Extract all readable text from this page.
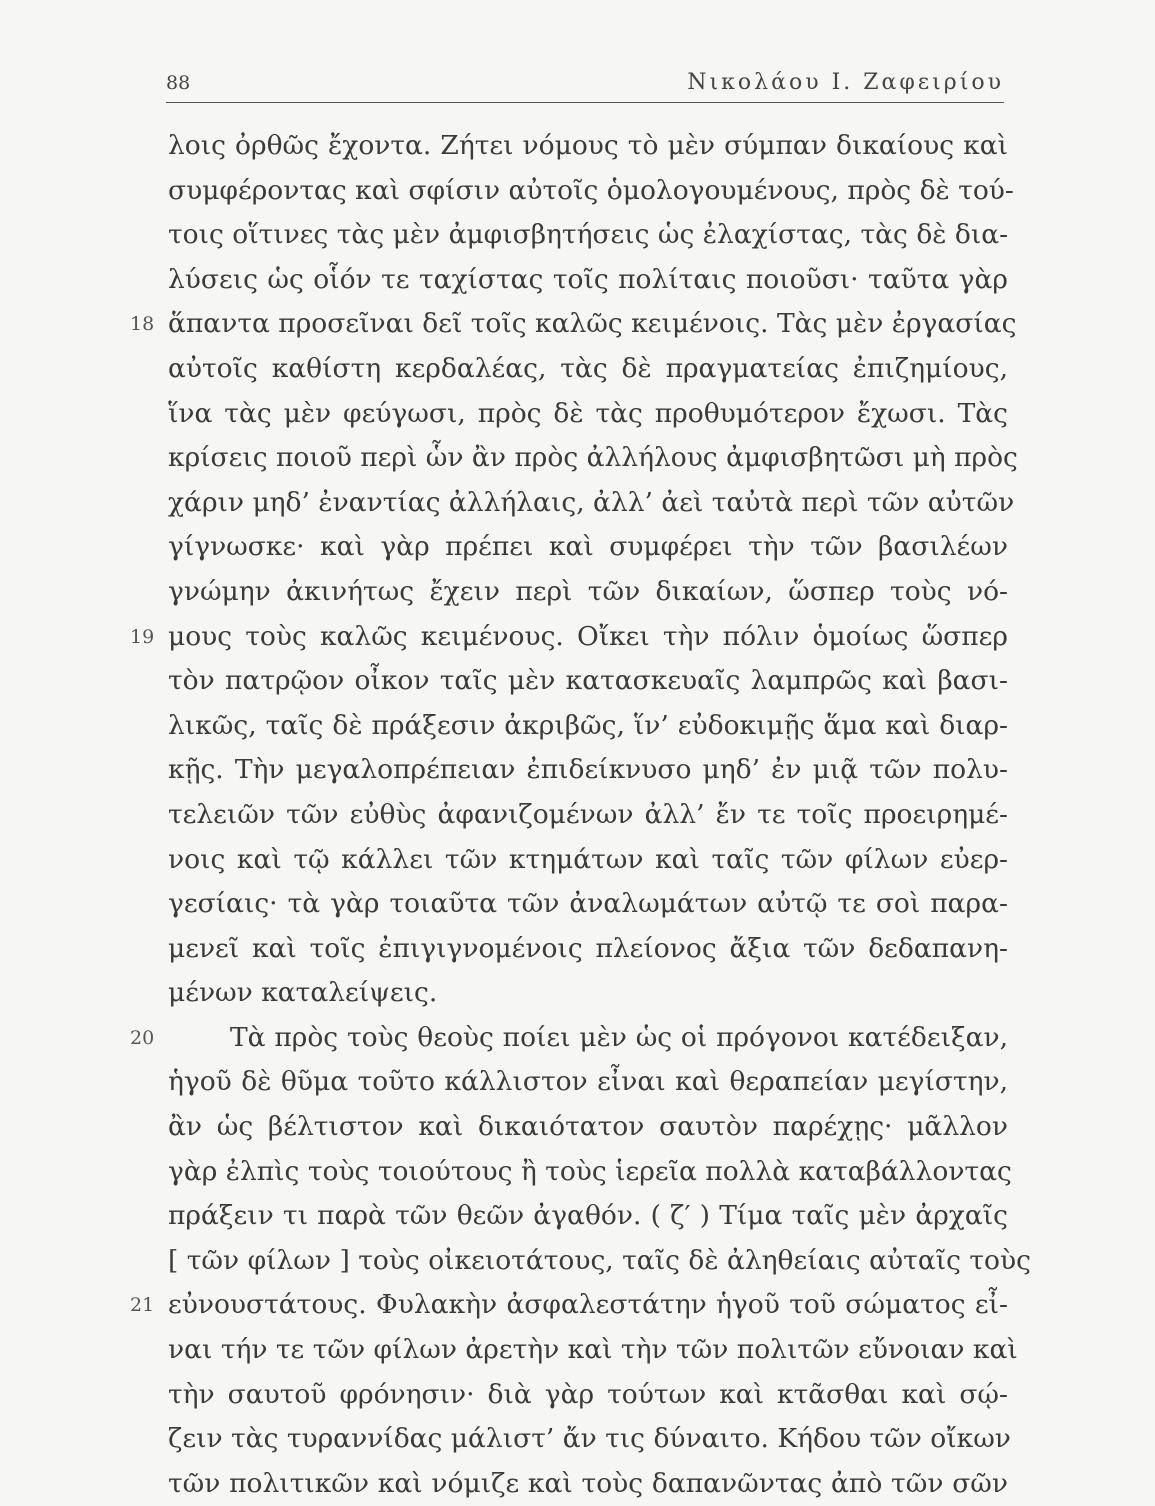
88	Νικολάου Ι. Ζαφειρίου
λοις ὀρθῶς ἔχοντα. Ζήτει νόμους τὸ μὲν σύμπαν δικαίους καὶ
συμφέροντας καὶ σφίσιν αὐτοῖς ὁμολογουμένους, πρὸς δὲ τού-
τοις οἵτινες τὰς μὲν ἀμφισβητήσεις ὡς ἐλαχίστας, τὰς δὲ δια-
λύσεις ὡς οἷόν τε ταχίστας τοῖς πολίταις ποιοῦσι· ταῦτα γὰρ
18 ἅπαντα προσεῖναι δεῖ τοῖς καλῶς κειμένοις. Τὰς μὲν ἐργασίας
αὐτοῖς καθίστη κερδαλέας, τὰς δὲ πραγματείας ἐπιζημίους,
ἵνα τὰς μὲν φεύγωσι, πρὸς δὲ τὰς προθυμότερον ἔχωσι. Τὰς
κρίσεις ποιοῦ περὶ ὧν ἂν πρὸς ἀλλήλους ἀμφισβητῶσι μὴ πρὸς
χάριν μηδ’ ἐναντίας ἀλλήλαις, ἀλλ’ ἀεὶ ταὐτὰ περὶ τῶν αὐτῶν
γίγνωσκε· καὶ γὰρ πρέπει καὶ συμφέρει τὴν τῶν βασιλέων
γνώμην ἀκινήτως ἔχειν περὶ τῶν δικαίων, ὥσπερ τοὺς νό-
19 μους τοὺς καλῶς κειμένους. Οἴκει τὴν πόλιν ὁμοίως ὥσπερ
τὸν πατρῷον οἶκον ταῖς μὲν κατασκευαῖς λαμπρῶς καὶ βασι-
λικῶς, ταῖς δὲ πράξεσιν ἀκριβῶς, ἵν’ εὐδοκιμῇς ἅμα καὶ διαρ-
κῇς. Τὴν μεγαλοπρέπειαν ἐπιδείκνυσο μηδ’ ἐν μιᾷ τῶν πολυ-
τελειῶν τῶν εὐθὺς ἀφανιζομένων ἀλλ’ ἔν τε τοῖς προειρημέ-
νοις καὶ τῷ κάλλει τῶν κτημάτων καὶ ταῖς τῶν φίλων εὐερ-
γεσίαις· τὰ γὰρ τοιαῦτα τῶν ἀναλωμάτων αὐτῷ τε σοὶ παρα-
μενεῖ καὶ τοῖς ἐπιγιγνομένοις πλείονος ἄξια τῶν δεδαπανη-
μένων καταλείψεις.
20	Τὰ πρὸς τοὺς θεοὺς ποίει μὲν ὡς οἱ πρόγονοι κατέδειξαν,
ἡγοῦ δὲ θῦμα τοῦτο κάλλιστον εἶναι καὶ θεραπείαν μεγίστην,
ἂν ὡς βέλτιστον καὶ δικαιότατον σαυτὸν παρέχῃς· μᾶλλον
γὰρ ἐλπὶς τοὺς τοιούτους ἢ τοὺς ἱερεῖα πολλὰ καταβάλλοντας
πράξειν τι παρὰ τῶν θεῶν ἀγαθόν. ( ζ′ ) Τίμα ταῖς μὲν ἀρχαῖς
[ τῶν φίλων ] τοὺς οἰκειοτάτους, ταῖς δὲ ἀληθείαις αὐταῖς τοὺς
21 εὐνουστάτους. Φυλακὴν ἀσφαλεστάτην ἡγοῦ τοῦ σώματος εἶ-
ναι τήν τε τῶν φίλων ἀρετὴν καὶ τὴν τῶν πολιτῶν εὔνοιαν καὶ
τὴν σαυτοῦ φρόνησιν· διὰ γὰρ τούτων καὶ κτᾶσθαι καὶ σῴ-
ζειν τὰς τυραννίδας μάλιστ’ ἄν τις δύναιτο. Κήδου τῶν οἴκων
τῶν πολιτικῶν καὶ νόμιζε καὶ τοὺς δαπανῶντας ἀπὸ τῶν σῶν
